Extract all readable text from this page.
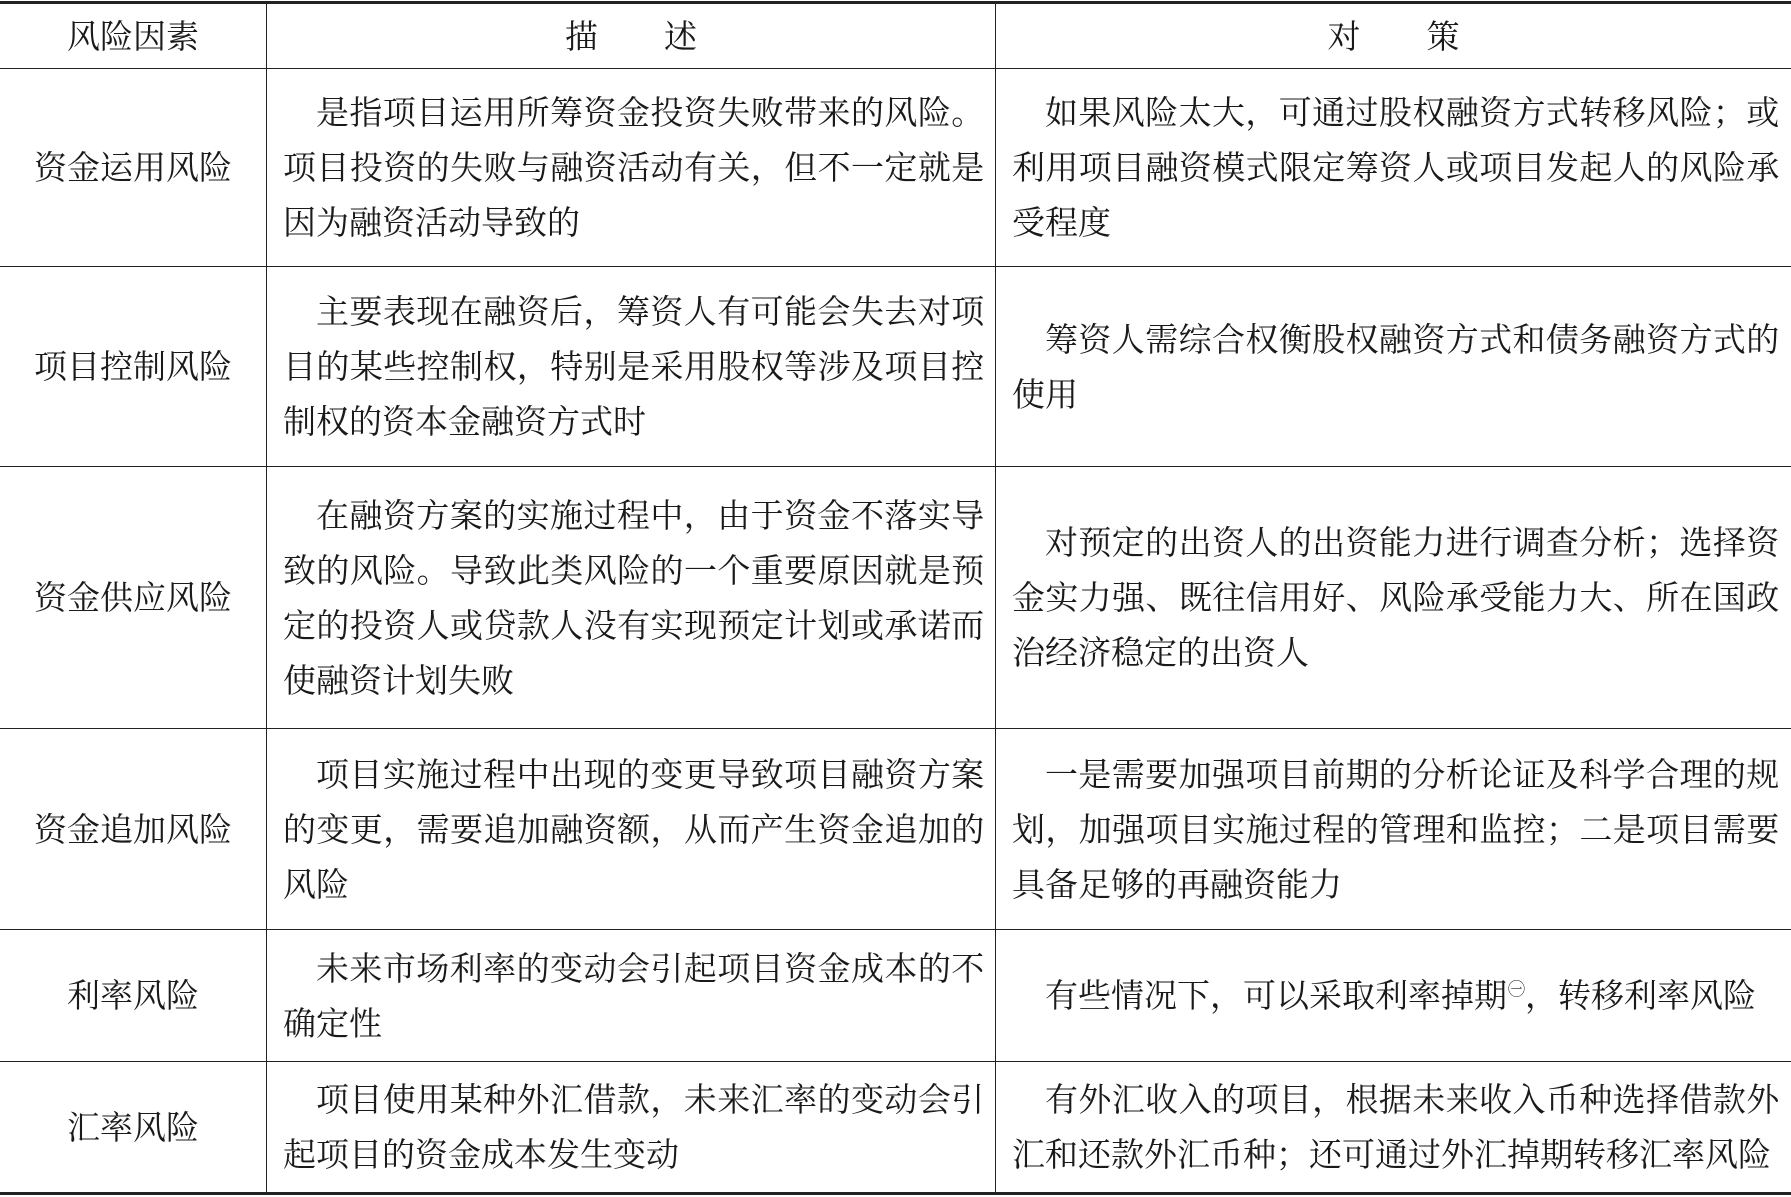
风险因素	描　　述	对　　策
资金运用风险

是指项目运用所筹资金投资失败带来的风险。项目投资的失败与融资活动有关，但不一定就是因为融资活动导致的

如果风险太大，可通过股权融资方式转移风险；或利用项目融资模式限定筹资人或项目发起人的风险承受程度

项目控制风险

主要表现在融资后，筹资人有可能会失去对项目的某些控制权，特别是采用股权等涉及项目控制权的资本金融资方式时

筹资人需综合权衡股权融资方式和债务融资方式的使用

资金供应风险

在融资方案的实施过程中，由于资金不落实导致的风险。导致此类风险的一个重要原因就是预定的投资人或贷款人没有实现预定计划或承诺而使融资计划失败

对预定的出资人的出资能力进行调查分析；选择资金实力强、既往信用好、风险承受能力大、所在国政治经济稳定的出资人

资金追加风险

项目实施过程中出现的变更导致项目融资方案的变更，需要追加融资额，从而产生资金追加的风险

一是需要加强项目前期的分析论证及科学合理的规划，加强项目实施过程的管理和监控；二是项目需要具备足够的再融资能力

利率风险

未来市场利率的变动会引起项目资金成本的不确定性

有些情况下，可以采取利率掉期$^㊀$，转移利率风险

汇率风险

项目使用某种外汇借款，未来汇率的变动会引起项目的资金成本发生变动

有外汇收入的项目，根据未来收入币种选择借款外汇和还款外汇币种；还可通过外汇掉期转移汇率风险
